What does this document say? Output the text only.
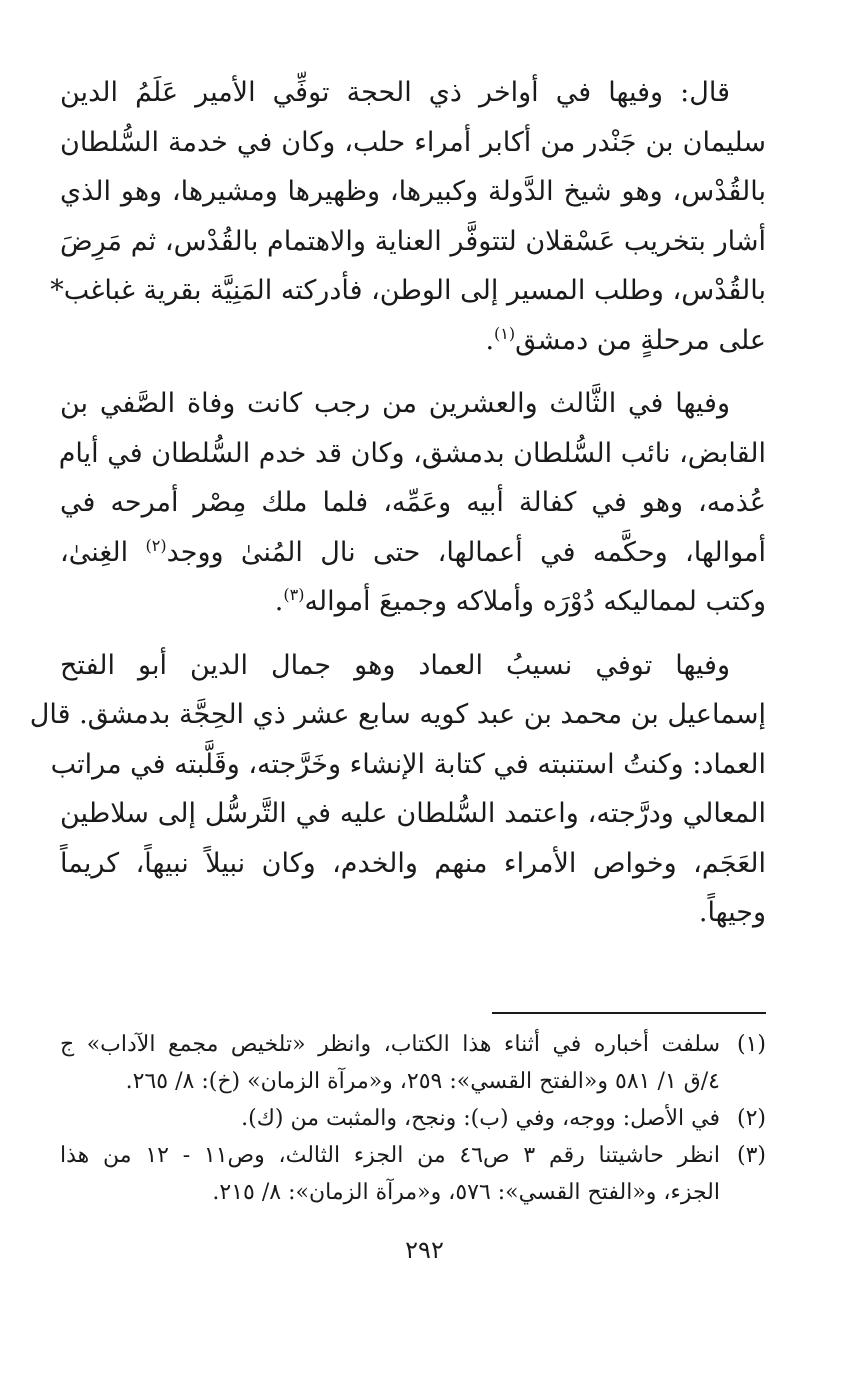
قال: وفيها في أواخر ذي الحجة توفِّي الأمير عَلَمُ الدين
سليمان بن جَنْدر من أكابر أمراء حلب، وكان في خدمة السُّلطان
بالقُدْس، وهو شيخ الدَّولة وكبيرها، وظهيرها ومشيرها، وهو الذي
أشار بتخريب عَسْقلان لتتوفَّر العناية والاهتمام بالقُدْس، ثم مَرِضَ
بالقُدْس، وطلب المسير إلى الوطن، فأدركته المَنِيَّة بقرية غباغب*
على مرحلةٍ من دمشق$^{(١)}$.

وفيها في الثَّالث والعشرين من رجب كانت وفاة الصَّفي بن
القابض، نائب السُّلطان بدمشق، وكان قد خدم السُّلطان في أيام
عُذمه، وهو في كفالة أبيه وعَمِّه، فلما ملك مِصْر أمرحه في
أموالها، وحكَّمه في أعمالها، حتى نال المُنىٰ ووجد$^{(٢)}$ الغِنىٰ،
وكتب لمماليكه دُوْرَه وأملاكه وجميعَ أمواله$^{(٣)}$.

وفيها توفي نسيبُ العماد وهو جمال الدين أبو الفتح
إسماعيل بن محمد بن عبد كويه سابع عشر ذي الحِجَّة بدمشق. قال
العماد: وكنتُ استنبته في كتابة الإنشاء وخَرَّجته، وقَلَّبته في مراتب
المعالي ودرَّجته، واعتمد السُّلطان عليه في التَّرسُّل إلى سلاطين
العَجَم، وخواص الأمراء منهم والخدم، وكان نبيلاً نبيهاً، كريماً
وجيهاً.

(١)
سلفت أخباره في أثناء هذا الكتاب، وانظر «تلخيص مجمع الآداب» ج
٤/ق ١/ ٥٨١ و«الفتح القسي»: ٢٥٩، و«مرآة الزمان» (خ): ٨/ ٢٦٥.
(٢)
في الأصل: ووجه، وفي (ب): ونجح، والمثبت من (ك).
(٣)
انظر حاشيتنا رقم ٣ ص٤٦ من الجزء الثالث، وص١١ - ١٢ من هذا
الجزء، و«الفتح القسي»: ٥٧٦، و«مرآة الزمان»: ٨/ ٢١٥.
٢٩٢
